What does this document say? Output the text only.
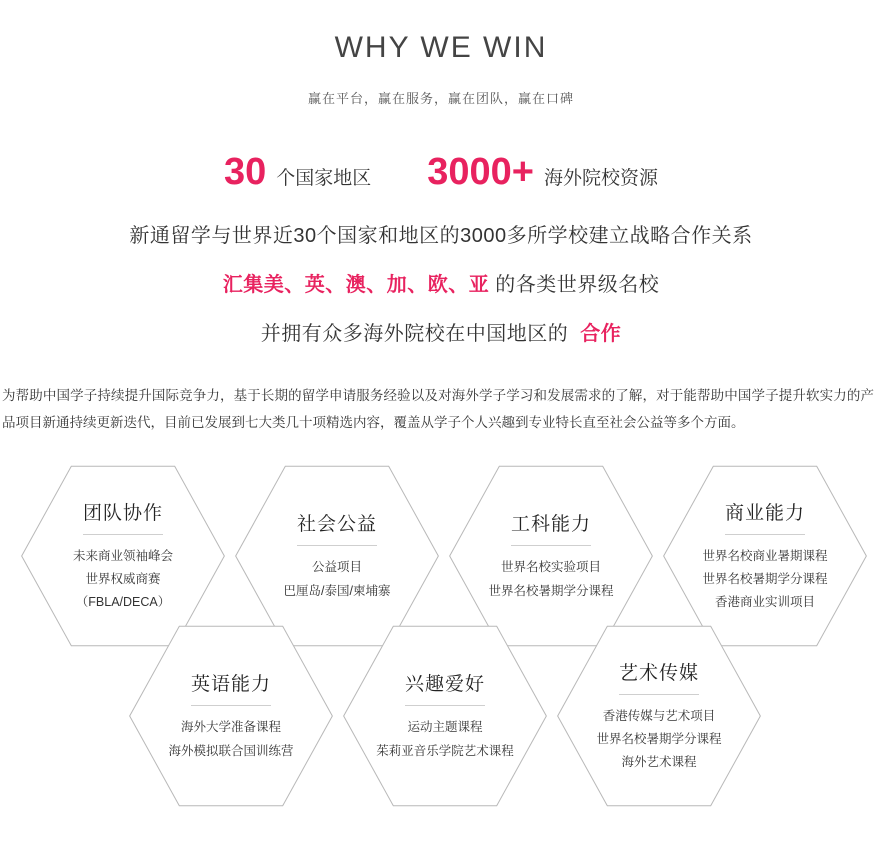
WHY WE WIN
赢在平台，赢在服务，赢在团队，赢在口碑
30 个国家地区 3000+ 海外院校资源
新通留学与世界近30个国家和地区的3000多所学校建立战略合作关系
汇集美、英、澳、加、欧、亚 的各类世界级名校
并拥有众多海外院校在中国地区的 合作
为帮助中国学子持续提升国际竞争力，基于长期的留学申请服务经验以及对海外学子学习和发展需求的了解，对于能帮助中国学子提升软实力的产品项目新通持续更新迭代，目前已发展到七大类几十项精选内容，覆盖从学子个人兴趣到专业特长直至社会公益等多个方面。
团队协作
未来商业领袖峰会
世界权威商赛
（FBLA/DECA）
社会公益
公益项目
巴厘岛/泰国/柬埔寨
工科能力
世界名校实验项目
世界名校暑期学分课程
商业能力
世界名校商业暑期课程
世界名校暑期学分课程
香港商业实训项目
英语能力
海外大学准备课程
海外模拟联合国训练营
兴趣爱好
运动主题课程
茱莉亚音乐学院艺术课程
艺术传媒
香港传媒与艺术项目
世界名校暑期学分课程
海外艺术课程
